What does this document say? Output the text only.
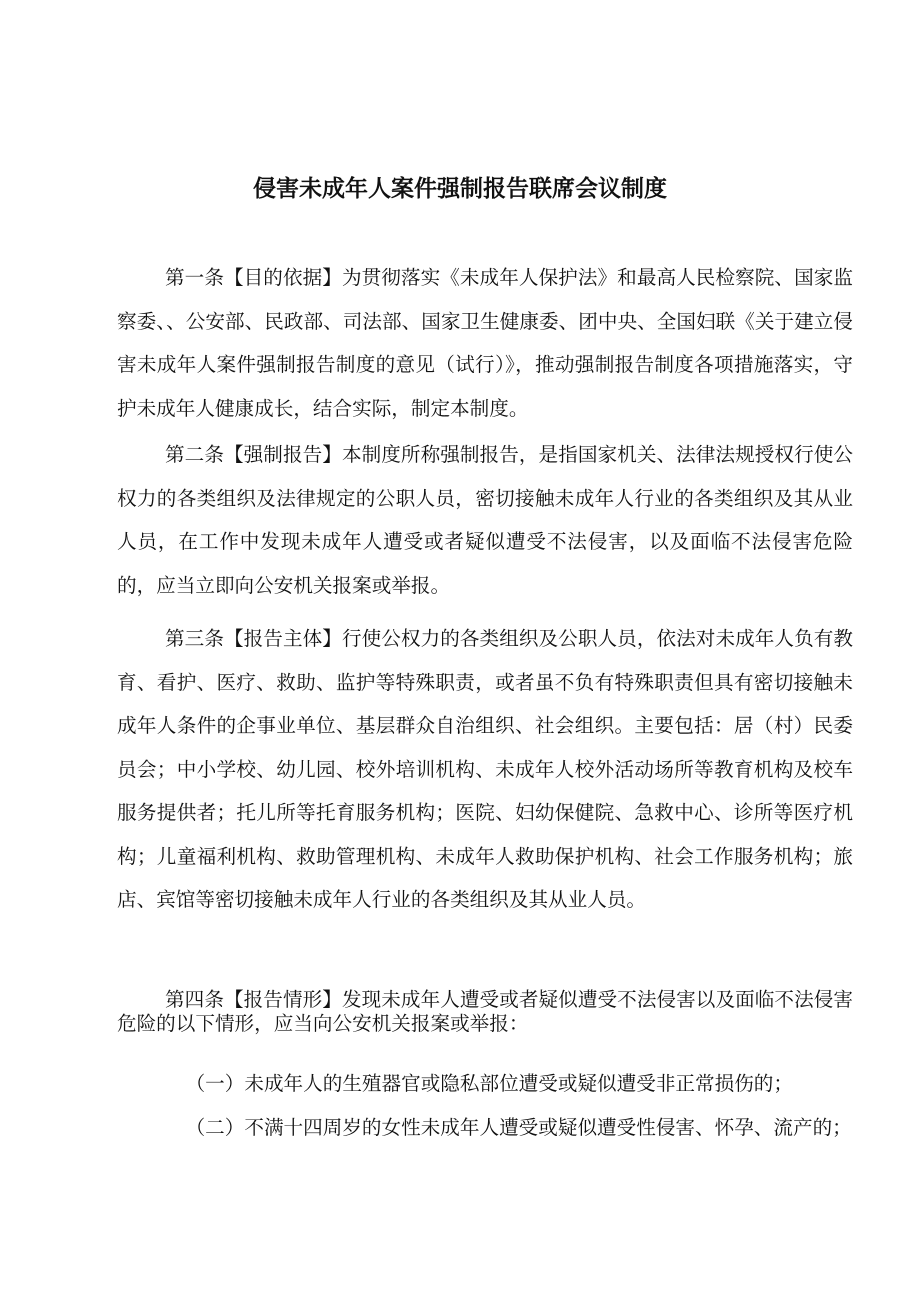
侵害未成年人案件强制报告联席会议制度

第一条【目的依据】为贯彻落实《未成年人保护法》和最高人民检察院、国家监察委、、公安部、民政部、司法部、国家卫生健康委、团中央、全国妇联《关于建立侵害未成年人案件强制报告制度的意见（试行）》，推动强制报告制度各项措施落实，守护未成年人健康成长，结合实际，制定本制度。

第二条【强制报告】本制度所称强制报告，是指国家机关、法律法规授权行使公权力的各类组织及法律规定的公职人员，密切接触未成年人行业的各类组织及其从业人员，在工作中发现未成年人遭受或者疑似遭受不法侵害，以及面临不法侵害危险的，应当立即向公安机关报案或举报。

第三条【报告主体】行使公权力的各类组织及公职人员，依法对未成年人负有教育、看护、医疗、救助、监护等特殊职责，或者虽不负有特殊职责但具有密切接触未成年人条件的企事业单位、基层群众自治组织、社会组织。主要包括：居（村）民委员会；中小学校、幼儿园、校外培训机构、未成年人校外活动场所等教育机构及校车服务提供者；托儿所等托育服务机构；医院、妇幼保健院、急救中心、诊所等医疗机构；儿童福利机构、救助管理机构、未成年人救助保护机构、社会工作服务机构；旅店、宾馆等密切接触未成年人行业的各类组织及其从业人员。

第四条【报告情形】发现未成年人遭受或者疑似遭受不法侵害以及面临不法侵害危险的以下情形，应当向公安机关报案或举报：

（一）未成年人的生殖器官或隐私部位遭受或疑似遭受非正常损伤的；

（二）不满十四周岁的女性未成年人遭受或疑似遭受性侵害、怀孕、流产的；
